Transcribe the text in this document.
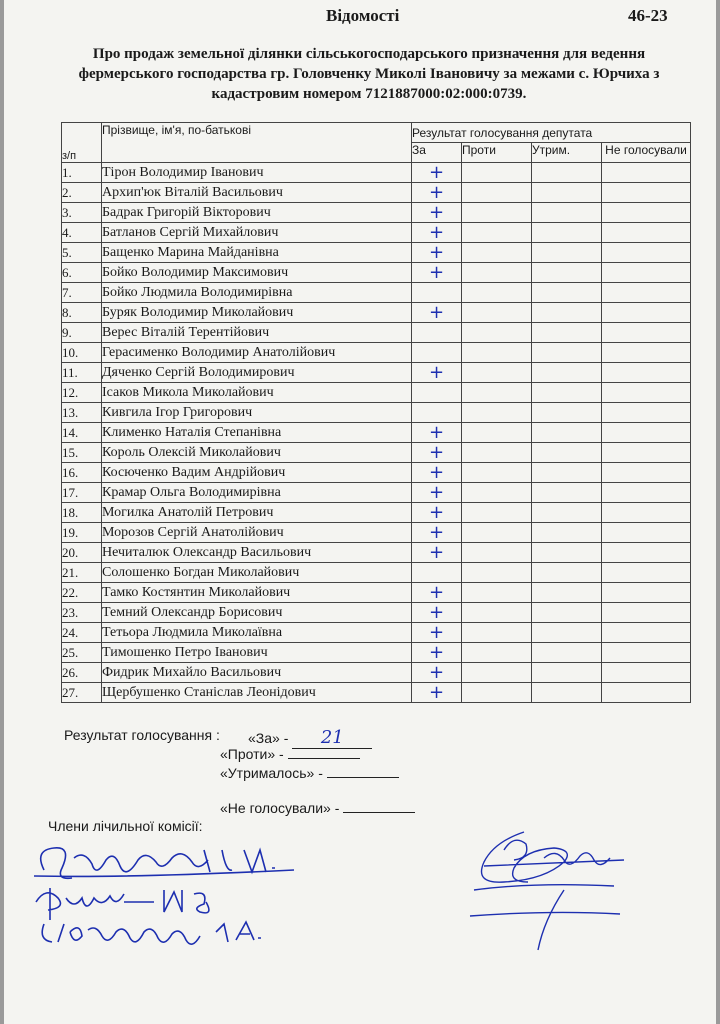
Відомості	46-23
Про продаж земельної ділянки сільськогосподарського призначення для ведення фермерського господарства гр. Головченку Миколі Івановичу за межами с. Юрчиха з кадастровим номером 7121887000:02:000:0739.
з/п	Прізвище, ім'я, по-батькові	Результат голосування депутата			
		За	Проти	Утрим.	Не голосували
1.	Тірон Володимир Іванович	+			
2.	Архип'юк Віталій Васильович	+			
3.	Бадрак Григорій Вікторович	+			
4.	Батланов Сергій Михайлович	+			
5.	Бащенко Марина Майданівна	+			
6.	Бойко Володимир Максимович	+			
7.	Бойко Людмила Володимирівна				
8.	Буряк Володимир Миколайович	+			
9.	Верес Віталій Терентійович				
10.	Герасименко Володимир Анатолійович				
11.	Дяченко Сергій Володимирович	+			
12.	Ісаков Микола Миколайович				
13.	Кивгила Ігор Григорович				
14.	Клименко Наталія Степанівна	+			
15.	Король Олексій Миколайович	+			
16.	Косюченко Вадим Андрійович	+			
17.	Крамар Ольга Володимирівна	+			
18.	Могилка Анатолій Петрович	+			
19.	Морозов Сергій Анатолійович	+			
20.	Нечиталюк Олександр Васильович	+			
21.	Солошенко Богдан Миколайович				
22.	Тамко Костянтин Миколайович	+			
23.	Темний Олександр Борисович	+			
24.	Тетьора Людмила Миколаївна	+			
25.	Тимошенко Петро Іванович	+			
26.	Фидрик Михайло Васильович	+			
27.	Щербушенко Станіслав Леонідович	+			
Результат голосування : «За» - 21
«Проти» -
«Утрималось» -
«Не голосували» -
Члени лічильної комісії:
